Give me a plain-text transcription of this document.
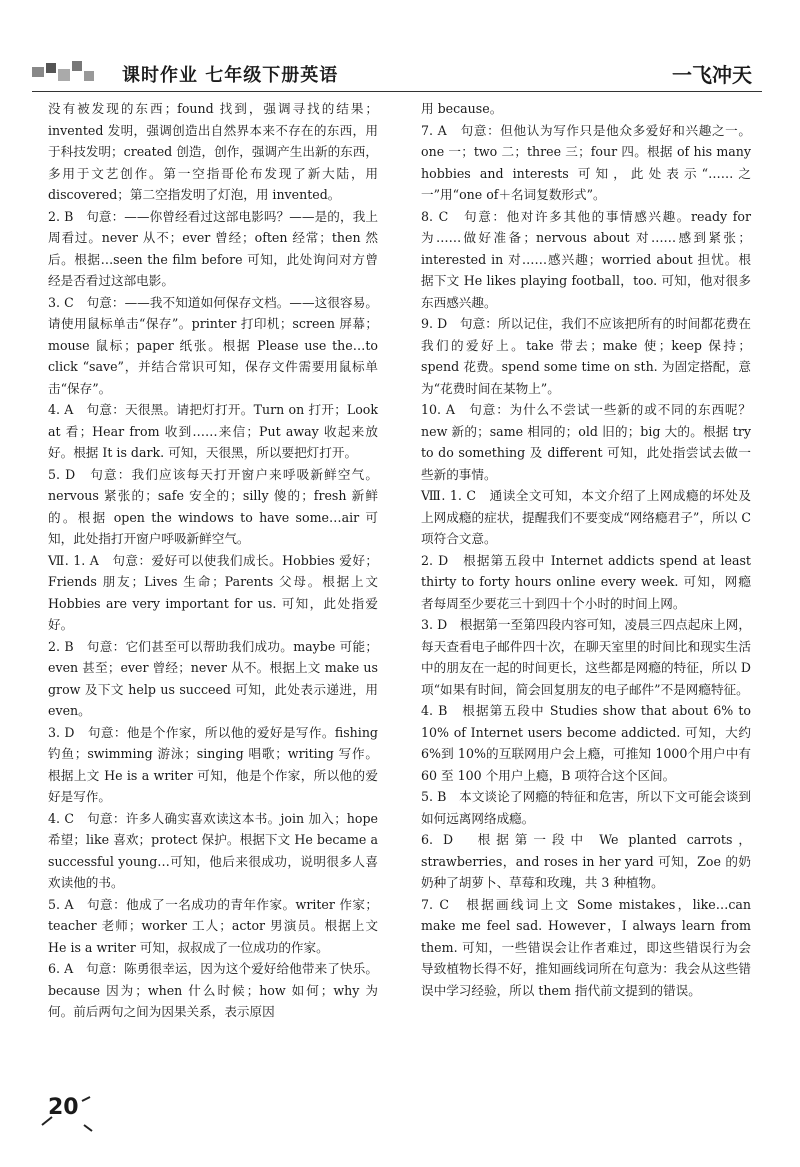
课时作业 七年级下册英语	一飞冲天

没有被发现的东西；found 找到，强调寻找的结果；invented 发明，强调创造出自然界本来不存在的东西，用于科技发明；created 创造，创作，强调产生出新的东西，多用于文艺创作。第一空指哥伦布发现了新大陆，用 discovered；第二空指发明了灯泡，用 invented。

2. B　句意：——你曾经看过这部电影吗？——是的，我上周看过。never 从不；ever 曾经；often 经常；then 然后。根据…seen the film before 可知，此处询问对方曾经是否看过这部电影。

3. C　句意：——我不知道如何保存文档。——这很容易。请使用鼠标单击“保存”。printer 打印机；screen 屏幕；mouse 鼠标；paper 纸张。根据 Please use the…to click “save”，并结合常识可知，保存文件需要用鼠标单击“保存”。

4. A　句意：天很黑。请把灯打开。Turn on 打开；Look at 看；Hear from 收到……来信；Put away 收起来放好。根据 It is dark. 可知，天很黑，所以要把灯打开。

5. D　句意：我们应该每天打开窗户来呼吸新鲜空气。nervous 紧张的；safe 安全的；silly 傻的；fresh 新鲜的。根据 open the windows to have some…air 可知，此处指打开窗户呼吸新鲜空气。

Ⅶ. 1. A　句意：爱好可以使我们成长。Hobbies 爱好；Friends 朋友；Lives 生命；Parents 父母。根据上文 Hobbies are very important for us. 可知，此处指爱好。

2. B　句意：它们甚至可以帮助我们成功。maybe 可能；even 甚至；ever 曾经；never 从不。根据上文 make us grow 及下文 help us succeed 可知，此处表示递进，用 even。

3. D　句意：他是个作家，所以他的爱好是写作。fishing 钓鱼；swimming 游泳；singing 唱歌；writing 写作。根据上文 He is a writer 可知，他是个作家，所以他的爱好是写作。

4. C　句意：许多人确实喜欢读这本书。join 加入；hope 希望；like 喜欢；protect 保护。根据下文 He became a successful young…可知，他后来很成功，说明很多人喜欢读他的书。

5. A　句意：他成了一名成功的青年作家。writer 作家；teacher 老师；worker 工人；actor 男演员。根据上文 He is a writer 可知，叔叔成了一位成功的作家。

6. A　句意：陈勇很幸运，因为这个爱好给他带来了快乐。because 因为；when 什么时候；how 如何；why 为何。前后两句之间为因果关系，表示原因

用 because。

7. A　句意：但他认为写作只是他众多爱好和兴趣之一。one 一；two 二；three 三；four 四。根据 of his many hobbies and interests 可知，此处表示“……之一”用“one of＋名词复数形式”。

8. C　句意：他对许多其他的事情感兴趣。ready for 为……做好准备；nervous about 对……感到紧张；interested in 对……感兴趣；worried about 担忧。根据下文 He likes playing football，too. 可知，他对很多东西感兴趣。

9. D　句意：所以记住，我们不应该把所有的时间都花费在我们的爱好上。take 带去；make 使；keep 保持；spend 花费。spend some time on sth. 为固定搭配，意为“花费时间在某物上”。

10. A　句意：为什么不尝试一些新的或不同的东西呢？new 新的；same 相同的；old 旧的；big 大的。根据 try to do something 及 different 可知，此处指尝试去做一些新的事情。

Ⅷ. 1. C　通读全文可知，本文介绍了上网成瘾的坏处及上网成瘾的症状，提醒我们不要变成“网络瘾君子”，所以 C 项符合文意。

2. D　根据第五段中 Internet addicts spend at least thirty to forty hours online every week. 可知，网瘾者每周至少要花三十到四十个小时的时间上网。

3. D　根据第一至第四段内容可知，凌晨三四点起床上网，每天查看电子邮件四十次，在聊天室里的时间比和现实生活中的朋友在一起的时间更长，这些都是网瘾的特征，所以 D 项“如果有时间，简会回复朋友的电子邮件”不是网瘾特征。

4. B　根据第五段中 Studies show that about 6% to 10% of Internet users become addicted. 可知，大约 6%到 10%的互联网用户会上瘾，可推知 1000个用户中有 60 至 100 个用户上瘾，B 项符合这个区间。

5. B　本文谈论了网瘾的特征和危害，所以下文可能会谈到如何远离网络成瘾。

6. D　根据第一段中 We planted carrots，strawberries，and roses in her yard 可知，Zoe 的奶奶种了胡萝卜、草莓和玫瑰，共 3 种植物。

7. C　根据画线词上文 Some mistakes，like…can make me feel sad. However，I always learn from them. 可知，一些错误会让作者难过，即这些错误行为会导致植物长得不好，推知画线词所在句意为：我会从这些错误中学习经验，所以 them 指代前文提到的错误。

20
